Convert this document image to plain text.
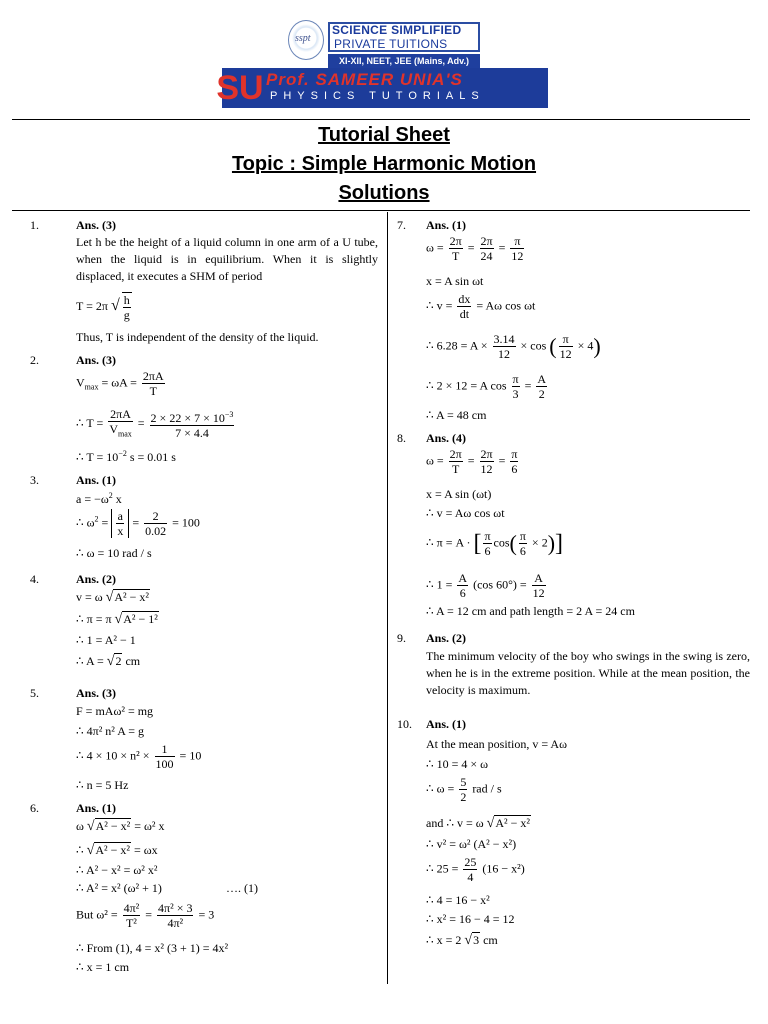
sspt
SCIENCE SIMPLIFIED
PRIVATE TUITIONS
XI-XII, NEET, JEE (Mains, Adv.)
SU Prof. SAMEER UNIA'S
PHYSICS TUTORIALS
Tutorial Sheet
Topic : Simple Harmonic Motion
Solutions
1.	Ans. (3)
Let h be the height of a liquid column in one arm of a U tube, when the liquid is in equilibrium. When it is slightly displaced, it executes a SHM of period
T = 2π √ $\frac{h}{g}$
Thus, T is independent of the density of the liquid.
2.	Ans. (3)
$V_{max} = \omega A = \frac{2\pi A}{T}$
∴ T =
2πA
$V_{max}$
= $\frac{2 \times 22 \times 7 \times 10^{-3}}{7 \times 4.4}$
∴ $T = 10^{-2}$ s = 0.01 s
3.	Ans. (1)
$a = -\omega^2$ x
∴ $\omega^2 = \frac{a}{x} = \frac{2}{0.02} = 100$
∴ ω = 10 rad / s
4.	Ans. (2)
v = ω √A² − x²
∴ π = π √A² − 1²
∴ 1 = A² − 1
∴ A = √2 cm
5.	Ans. (3)
F = mAω² = mg
∴ 4π² n² A = g
∴ $4 \times 10 \times n^2 \times \frac{1}{100} = 10$
∴ n = 5 Hz
6.	Ans. (1)
ω √A² − x² = ω² x
∴ √A² − x² = ωx
∴ A² − x² = ω² x²
∴ A² = x² (ω² + 1)	…. (1)
But $\omega^2 = \frac{\text{4π²}}{\text{T²}} = \frac{\text{4π² × 3}}{\text{4π²}} = 3$
∴ From (1), 4 = x² (3 + 1) = 4x²
∴ x = 1 cm
7. Ans. (1)
$\omega = \frac{2\pi}{T} = \frac{2\pi}{24} = \frac{\pi}{12}$
x = A sin ωt
∴ $v = \frac{dx}{dt} = A\omega$ cos ωt
∴ $6.28 = A \times \frac{3.14}{12} \times \cos$ ( $\frac{\pi}{12} \times 4$)
∴ 2 × 12 = A $\cos \frac{\pi}{3} = \frac{A}{2}$
∴ A = 48 cm
8. Ans. (4)
$\omega = \frac{2\pi}{T} = \frac{2\pi}{12} = \frac{\pi}{6}$
x = A sin (ωt)
∴ v = Aω cos ωt
∴ π = A · [ $\frac{\pi}{6} \cos( \frac{\pi}{6} \times 2)$]
∴ $1 = \frac{A}{6} (\cos$ $60^\circ) = \frac{A}{12}$
∴ A = 12 cm and path length = 2 A = 24 cm
9. Ans. (2)
The minimum velocity of the boy who swings in the swing is zero, when he is in the extreme position. While at the mean position, the velocity is maximum.
10. Ans. (1)
At the mean position, v = Aω
∴ 10 = 4 × ω
∴ $\omega = \frac{5}{2}$ rad / s
and ∴ v = ω √A² − x²
∴ v² = ω² (A² − x²)
∴ $25 = \frac{25}{4} (16 - x^2)$
∴ 4 = 16 − x²
∴ x² = 16 − 4 = 12
∴ x = 2 √3 cm
